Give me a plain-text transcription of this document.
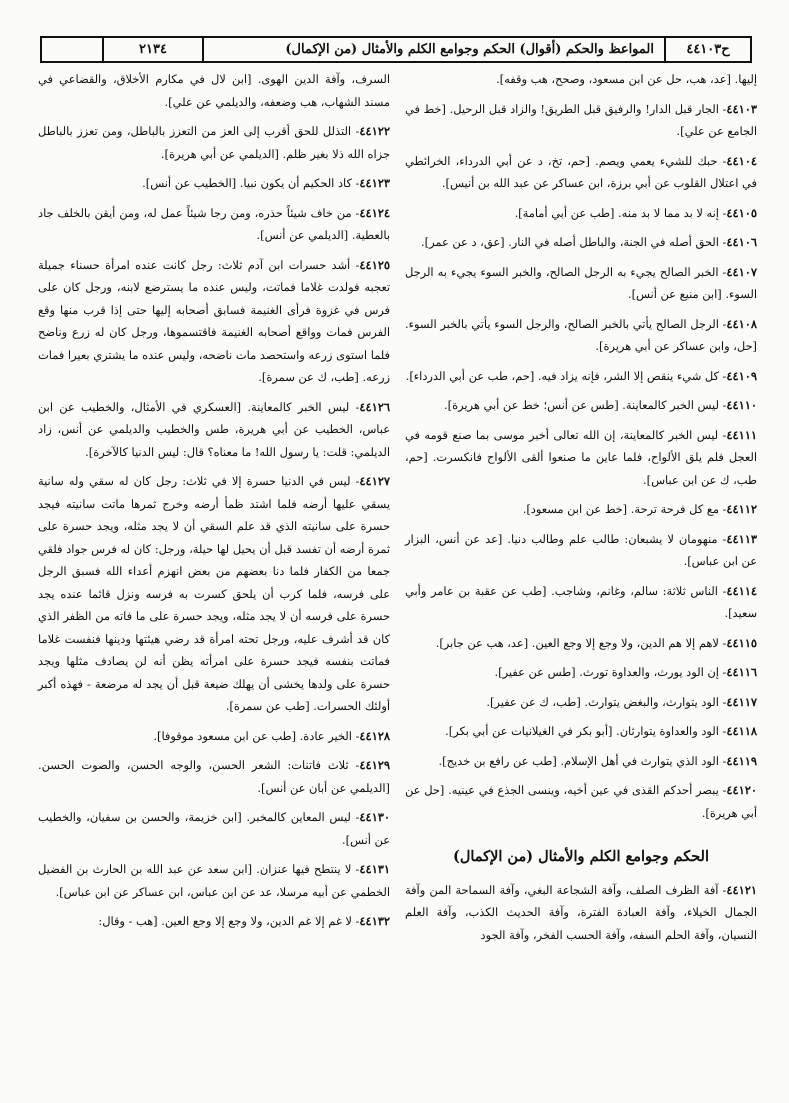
ح٤٤١٠٣
المواعظ والحكم (أقوال) الحكم وجوامع الكلم والأمثال (من الإكمال)
٢١٣٤

إليها. [عد، هب، حل عن ابن مسعود، وصحح، هب وقفه].

٤٤١٠٣- الجار قبل الدار! والرفيق قبل الطريق! والزاد قبل الرحيل. [خط في الجامع عن علي].

٤٤١٠٤- حبك للشيء يعمي ويصم. [حم، تخ، د عن أبي الدرداء، الخرائطي في اعتلال القلوب عن أبي برزة، ابن عساكر عن عبد الله بن أنيس].

٤٤١٠٥- إنه لا بد مما لا بد منه. [طب عن أبي أمامة].

٤٤١٠٦- الحق أصله في الجنة، والباطل أصله في النار. [عق، د عن عمر].

٤٤١٠٧- الخبر الصالح يجيء به الرجل الصالح، والخبر السوء يجيء به الرجل السوء. [ابن منيع عن أنس].

٤٤١٠٨- الرجل الصالح يأتي بالخبر الصالح، والرجل السوء يأتي بالخبر السوء. [حل، وابن عساكر عن أبي هريرة].

٤٤١٠٩- كل شيء ينقص إلا الشر، فإنه يزاد فيه. [حم، طب عن أبي الدرداء].

٤٤١١٠- ليس الخبر كالمعاينة. [طس عن أنس؛ خط عن أبي هريرة].

٤٤١١١- ليس الخبر كالمعاينة، إن الله تعالى أخبر موسى بما صنع قومه في العجل فلم يلق الألواح، فلما عاين ما صنعوا ألقى الألواح فانكسرت. [حم، طب، ك عن ابن عباس].

٤٤١١٢- مع كل فرحة ترحة. [خط عن ابن مسعود].

٤٤١١٣- منهومان لا يشبعان: طالب علم وطالب دنيا. [عد عن أنس، البزار عن ابن عباس].

٤٤١١٤- الناس ثلاثة: سالم، وغانم، وشاجب. [طب عن عقبة بن عامر وأبي سعيد].

٤٤١١٥- لاهم إلا هم الدين، ولا وجع إلا وجع العين. [عد، هب عن جابر].

٤٤١١٦- إن الود يورث، والعداوة تورث. [طس عن عفير].

٤٤١١٧- الود يتوارث، والبغض يتوارث. [طب، ك عن عفير].

٤٤١١٨- الود والعداوة يتوارثان. [أبو بكر في الغيلانيات عن أبي بكر].

٤٤١١٩- الود الذي يتوارث في أهل الإسلام. [طب عن رافع بن خديج].

٤٤١٢٠- يبصر أحدكم القذى في عين أخيه، وينسى الجذع في عينيه. [حل عن أبي هريرة].

الحكم وجوامع الكلم والأمثال (من الإكمال)

٤٤١٢١- آفة الظرف الصلف، وآفة الشجاعة البغي، وآفة السماحة المن وآفة الجمال الخيلاء، وآفة العبادة الفترة، وآفة الحديث الكذب، وآفة العلم النسيان، وآفة الحلم السفه، وآفة الحسب الفخر، وآفة الجود

السرف، وآفة الدين الهوى. [ابن لال في مكارم الأخلاق، والقضاعي في مسند الشهاب، هب وضعفه، والديلمي عن علي].

٤٤١٢٢- التذلل للحق أقرب إلى العز من التعزز بالباطل، ومن تعزز بالباطل جزاه الله ذلا بغير ظلم. [الديلمي عن أبي هريرة].

٤٤١٢٣- كاد الحكيم أن يكون نبيا. [الخطيب عن أنس].

٤٤١٢٤- من خاف شيئاً حذره، ومن رجا شيئاً عمل له، ومن أيقن بالخلف جاد بالعطية. [الديلمي عن أنس].

٤٤١٢٥- أشد حسرات ابن آدم ثلاث: رجل كانت عنده امرأة حسناء جميلة تعجبه فولدت غلاما فماتت، وليس عنده ما يسترضع لابنه، ورجل كان على فرس في غزوة فرأى الغنيمة فسابق أصحابه إليها حتى إذا قرب منها وقع الفرس فمات وواقع أصحابه الغنيمة فاقتسموها، ورجل كان له زرع وناضح فلما استوى زرعه واستحصد مات ناضحه، وليس عنده ما يشتري بعيرا فمات زرعه. [طب، ك عن سمرة].

٤٤١٢٦- ليس الخبر كالمعاينة. [العسكري في الأمثال، والخطيب عن ابن عباس، الخطيب عن أبي هريرة، طس والخطيب والديلمي عن أنس، زاد الديلمي: قلت: يا رسول الله! ما معناه؟ قال: ليس الدنيا كالآخرة].

٤٤١٢٧- ليس في الدنيا حسرة إلا في ثلاث: رجل كان له سقي وله سانية يسقي عليها أرضه فلما اشتد ظمأ أرضه وخرج ثمرها ماتت سانيته فيجد حسرة على سانيته الذي قد علم السقي أن لا يجد مثله، ويجد حسرة على ثمرة أرضه أن تفسد قبل أن يحيل لها حيلة، ورجل: كان له فرس جواد فلقي جمعا من الكفار فلما دنا بعضهم من بعض انهزم أعداء الله فسبق الرجل على فرسه، فلما كرب أن يلحق كسرت به فرسه ونزل قائما عنده يجد حسرة على فرسه أن لا يجد مثله، ويجد حسرة على ما فاته من الظفر الذي كان قد أشرف عليه، ورجل تحته امرأة قد رضي هيئتها ودينها فنفست غلاما فماتت بنفسه فيجد حسرة على امرأته يظن أنه لن يصادف مثلها ويجد حسرة على ولدها يخشى أن يهلك ضيعة قبل أن يجد له مرضعة - فهذه أكبر أولئك الحسرات. [طب عن سمرة].

٤٤١٢٨- الخير عادة. [طب عن ابن مسعود موقوفا].

٤٤١٢٩- ثلاث فاتنات: الشعر الحسن، والوجه الحسن، والصوت الحسن. [الديلمي عن أبان عن أنس].

٤٤١٣٠- ليس المعاين كالمخبر. [ابن خزيمة، والحسن بن سفيان، والخطيب عن أنس].

٤٤١٣١- لا ينتطح فيها عنزان. [ابن سعد عن عبد الله بن الحارث بن الفضيل الخطمي عن أبيه مرسلا، عد عن ابن عباس، ابن عساكر عن ابن عباس].

٤٤١٣٢- لا غم إلا غم الدين، ولا وجع إلا وجع العين. [هب - وقال:
